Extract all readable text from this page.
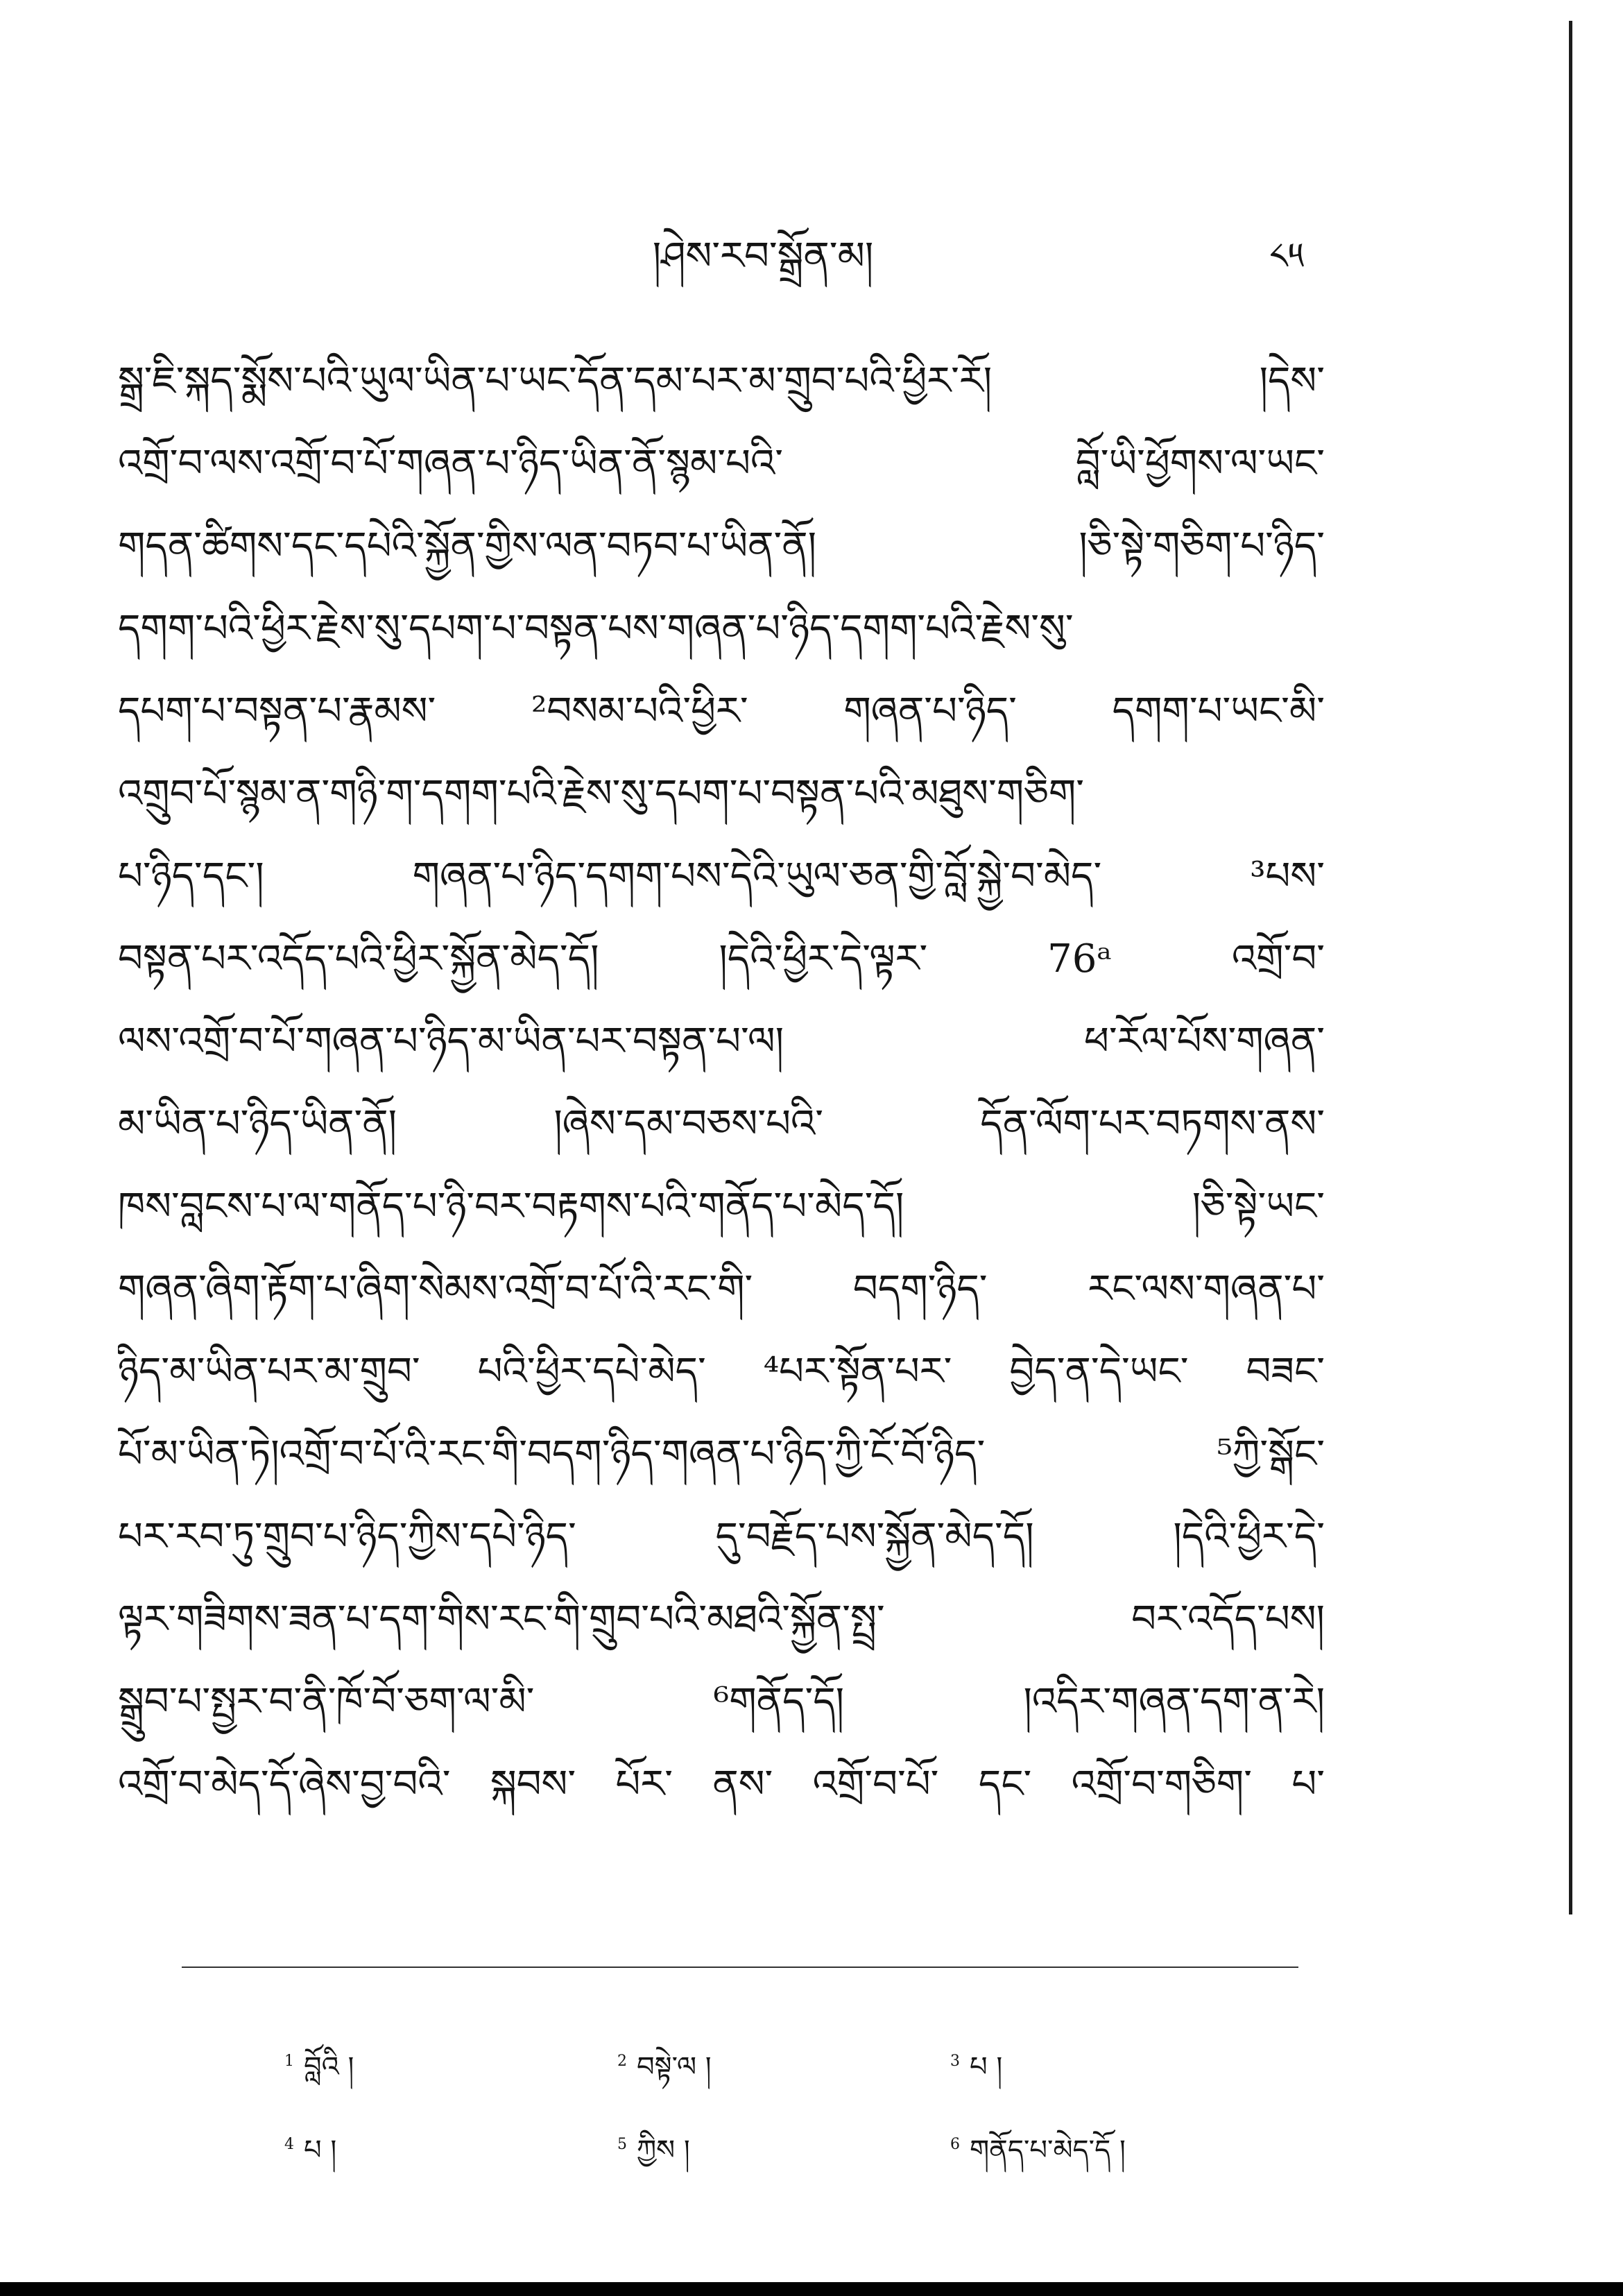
།ཤེས་རབ་སྒྲོན་མ།	༨༥
སྒྲ་ཇི་སྐད་སྨོས་པའི་ཡུལ་ཡིན་པ་ཡང་དོན་དམ་པར་མ་གྲུབ་པའི་ཕྱིར་རོ། །དེས་
འགྲོ་བ་ལས་འགྲོ་བ་པོ་གཞན་པ་ཉིད་ཡིན་ནོ་སྙམ་པའི་ བློ་ཡི་ཕྱོགས་ལ་ཡང་
གདན་ཚིགས་དང་དཔེའི་སྐྱོན་གྱིས་ལན་བཏབ་པ་ཡིན་ནོ། །ཅི་སྟེ་གཅིག་པ་ཉིད་
དགག་པའི་ཕྱིར་རྗེས་སུ་དཔག་པ་བསྟན་པས་གཞན་པ་ཉིད་དགག་པའི་རྗེས་སུ་
དཔག་པ་བསྟན་པ་རྣམས་ ²བསམ་པའི་ཕྱིར་ གཞན་པ་ཉིད་ དགག་པ་ཡང་མི་
འགྲུབ་པོ་སྙམ་ན་གཉི་ག་དགག་པའི་རྗེས་སུ་དཔག་པ་བསྟན་པའི་མཐུས་གཅིག་
པ་ཉིད་དང་། གཞན་པ་ཉིད་དགག་པས་དེའི་ཡུལ་ཅན་གྱི་བློ་སྐྱེ་བ་མེད་ ³པས་
བསྟན་པར་འདོད་པའི་ཕྱིར་སྐྱོན་མེད་དོ། །དེའི་ཕྱིར་དེ་ལྟར་ 76ᵃ འགྲོ་བ་
ལས་འགྲོ་བ་པོ་གཞན་པ་ཉིད་མ་ཡིན་པར་བསྟན་པ་ལ། ཕ་རོལ་པོས་གཞན་
མ་ཡིན་པ་ཉིད་ཡིན་ནོ། །ཞེས་དམ་བཅས་པའི་ དོན་ལོག་པར་བཏགས་ནས་
ཁས་བླངས་པ་ལ་གནོད་པ་ཉི་བར་བརྟགས་པའི་གནོད་པ་མེད་དོ། །ཅི་སྟེ་ཡང་
གཞན་ཞིག་རྟོག་པ་ཞིག་སེམས་འགྲོ་བ་པོ་འི་རང་གི་ བདག་ཉིད་ རང་ལས་གཞན་པ་
ཉིད་མ་ཡིན་པར་མ་གྲུབ་ པའི་ཕྱིར་དཔེ་མེད་ ⁴པར་སྟོན་པར་ བྱེད་ན་དེ་ཡང་ བཟང་
པོ་མ་ཡིན་ཏེ།འགྲོ་བ་པོ་འི་རང་གི་བདག་ཉིད་གཞན་པ་ཉིད་ཀྱི་ངོ་བོ་ཉིད་ ⁵ཀྱི་སྒོང་
པར་རབ་ཏུ་གྲུབ་པ་ཉིད་ཀྱིས་དཔེ་ཉིད་ དུ་བརྗོད་པས་སྐྱོན་མེད་དོ། །དེའི་ཕྱིར་དེ་
ལྟར་གཟིགས་ཟན་པ་དག་གིས་རང་གི་གྲུབ་པའི་མཐའི་སྐྱོན་སྤྲ་ བར་འདོད་པས།
སྒྲུབ་པ་སྤྱར་བ་ནི་ཁོ་བོ་ཅག་ལ་མི་ ⁶གནོད་དོ། །འདིར་གཞན་དག་ན་རེ།
འགྲོ་བ་མེད་དོ་ཞེས་བྱ་བའི་ སྐབས་ པོར་ ནས་ འགྲོ་བ་པོ་ དང་ འགྲོ་བ་གཅིག་ པ་
$^1$ བློའི །	$^2$ བསྟེ་ལ །	$^3$ པ །
$^4$ པ །	$^5$ ཀྱིས །	$^6$ གནོད་པ་མེད་དོ །
